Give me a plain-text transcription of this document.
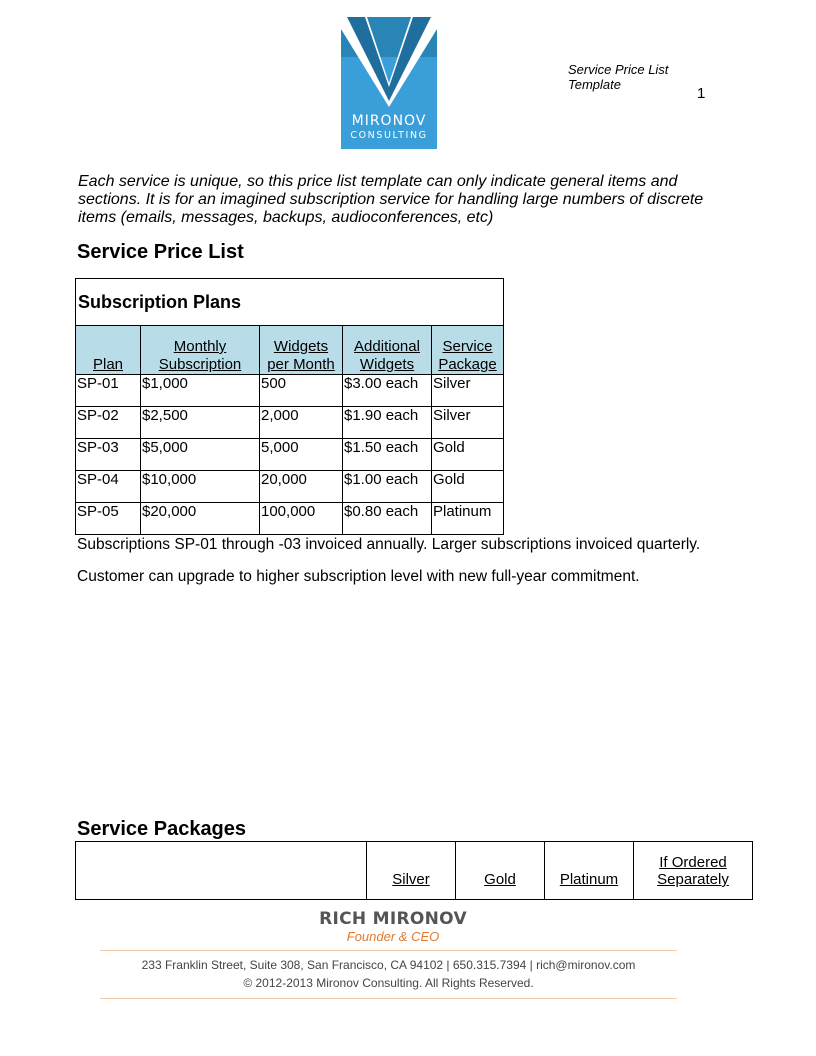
MIRONOV
CONSULTING
Service Price List Template
1
Each service is unique, so this price list template can only indicate general items and sections. It is for an imagined subscription service for handling large numbers of discrete items (emails, messages, backups, audioconferences, etc)
Service Price List
Subscription Plans				
Plan	Monthly Subscription	Widgets per Month	Additional Widgets	Service Package
SP-01	$1,000	500	$3.00 each	Silver
SP-02	$2,500	2,000	$1.90 each	Silver
SP-03	$5,000	5,000	$1.50 each	Gold
SP-04	$10,000	20,000	$1.00 each	Gold
SP-05	$20,000	100,000	$0.80 each	Platinum
Subscriptions SP-01 through -03 invoiced annually. Larger subscriptions invoiced quarterly.
Customer can upgrade to higher subscription level with new full-year commitment.
Service Packages
	Silver	Gold	Platinum	If Ordered Separately
RICH MIRONOV
Founder & CEO
233 Franklin Street, Suite 308, San Francisco, CA 94102 | 650.315.7394 | rich@mironov.com
© 2012-2013 Mironov Consulting. All Rights Reserved.
